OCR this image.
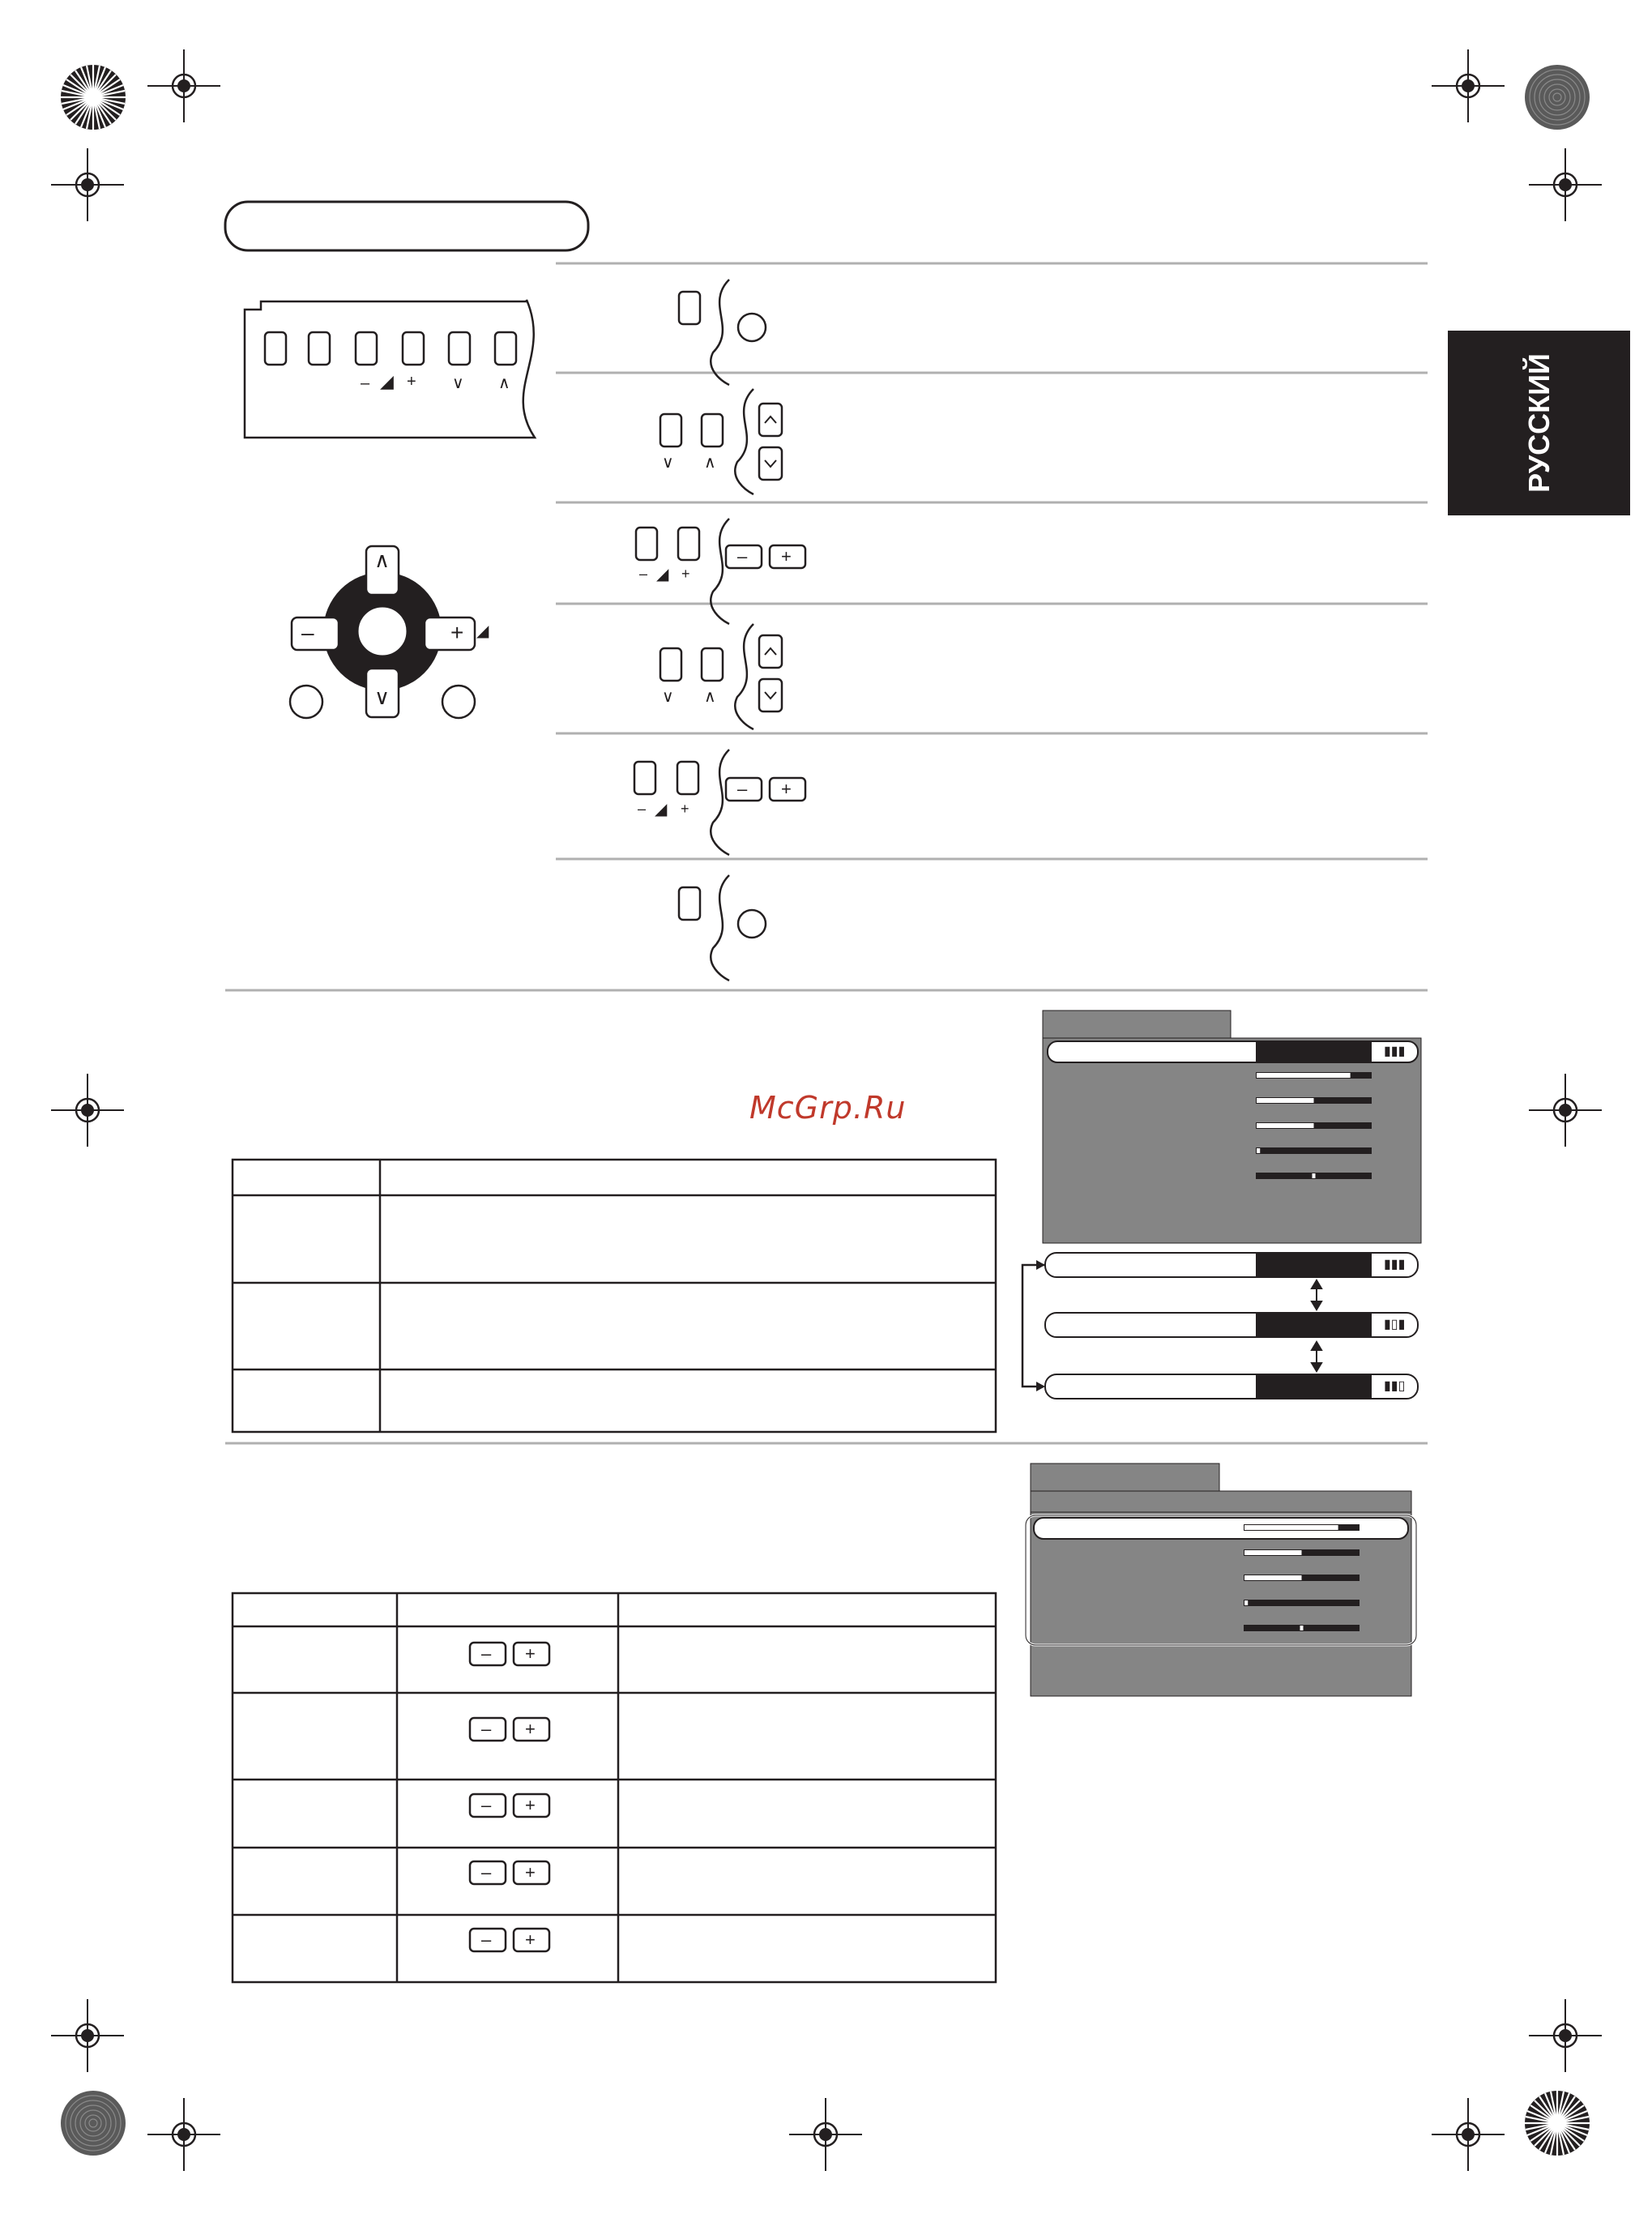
РУССКИЙ
McGrp.Ru
–	+
– ◢ + ∨ ∧
∧
∨
–	+ ◢
∨ ∧
– ◢ +
∨ ∧
– ◢ +
▮▮▮
▮▮▮
▮▯▮
▮▮▯
